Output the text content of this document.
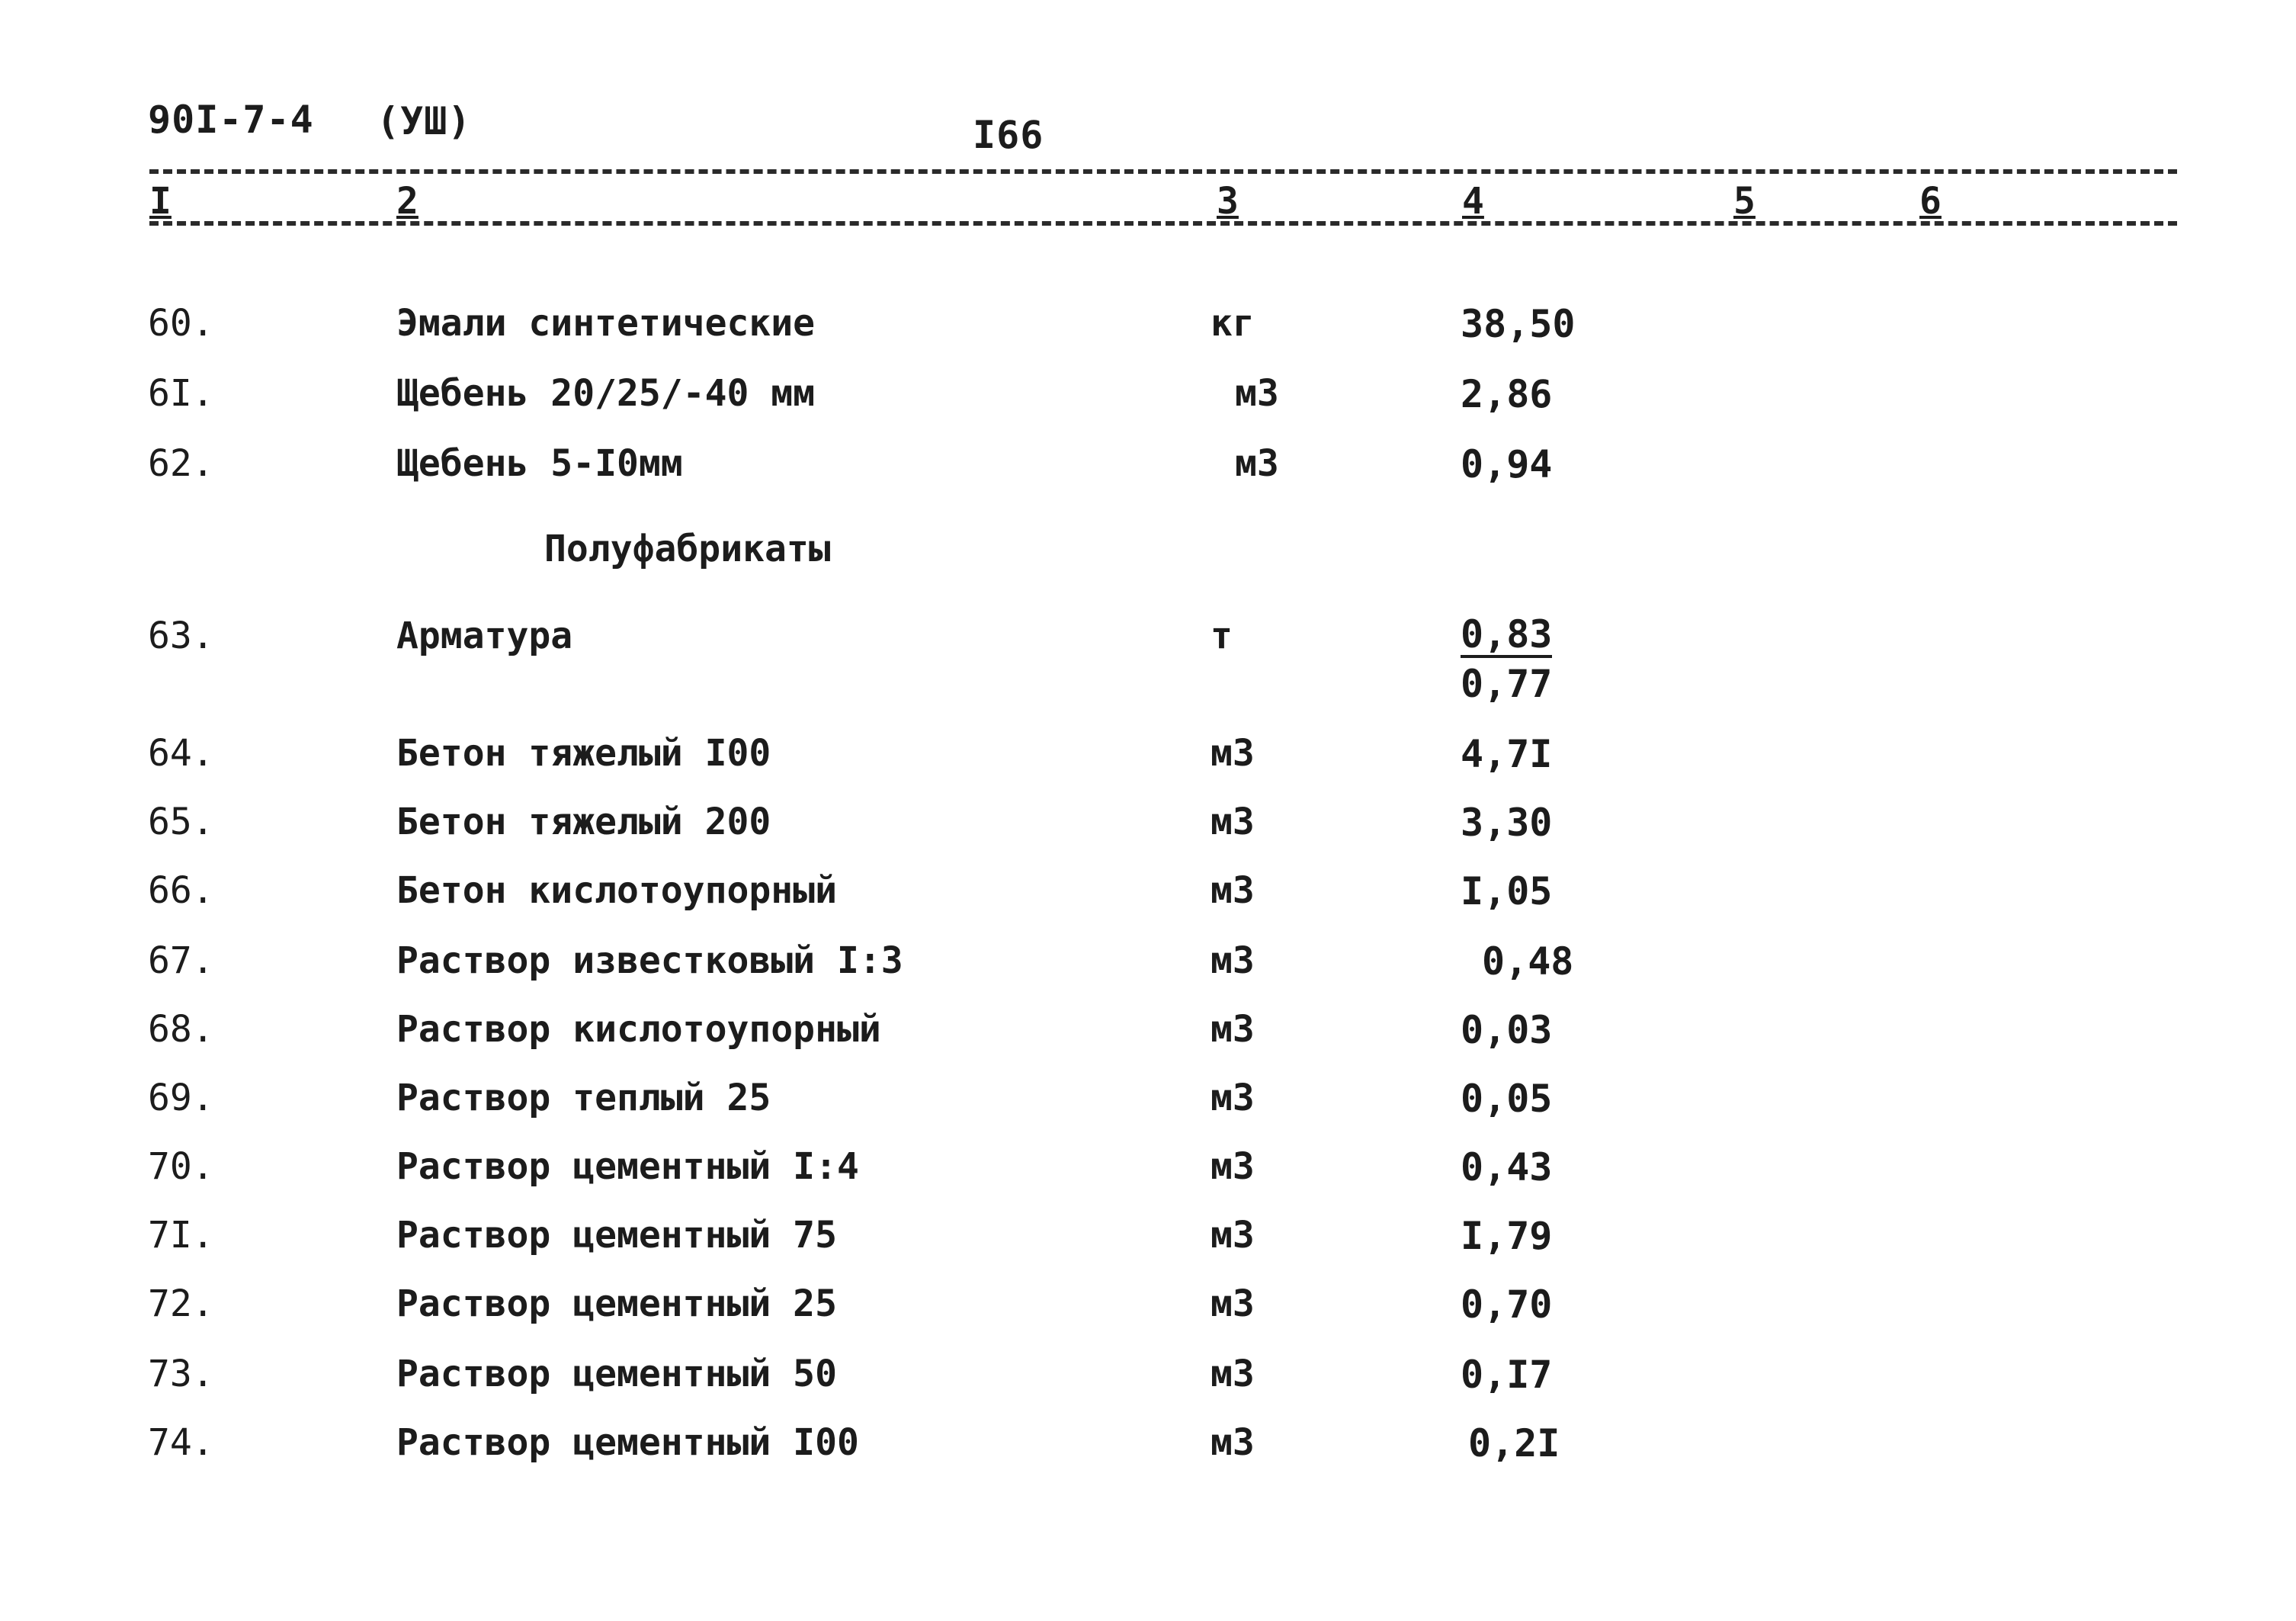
90I-7-4 (УШ)	I66
I	2	3	4	5	6
60.	Эмали синтетические	кг	38,50
6I.	Щебень 20/25/-40 мм	м3	2,86
62.	Щебень 5-I0мм	м3	0,94
Полуфабрикаты
63.	Арматура	т	0,83
0,77
64.	Бетон тяжелый I00	м3	4,7I
65.	Бетон тяжелый 200	м3	3,30
66.	Бетон кислотоупорный	м3	I,05
67.	Раствор известковый I:3	м3	0,48
68.	Раствор кислотоупорный	м3	0,03
69.	Раствор теплый 25	м3	0,05
70.	Раствор цементный I:4	м3	0,43
7I.	Раствор цементный 75	м3	I,79
72.	Раствор цементный 25	м3	0,70
73.	Раствор цементный 50	м3	0,I7
74.	Раствор цементный I00	м3	0,2I
